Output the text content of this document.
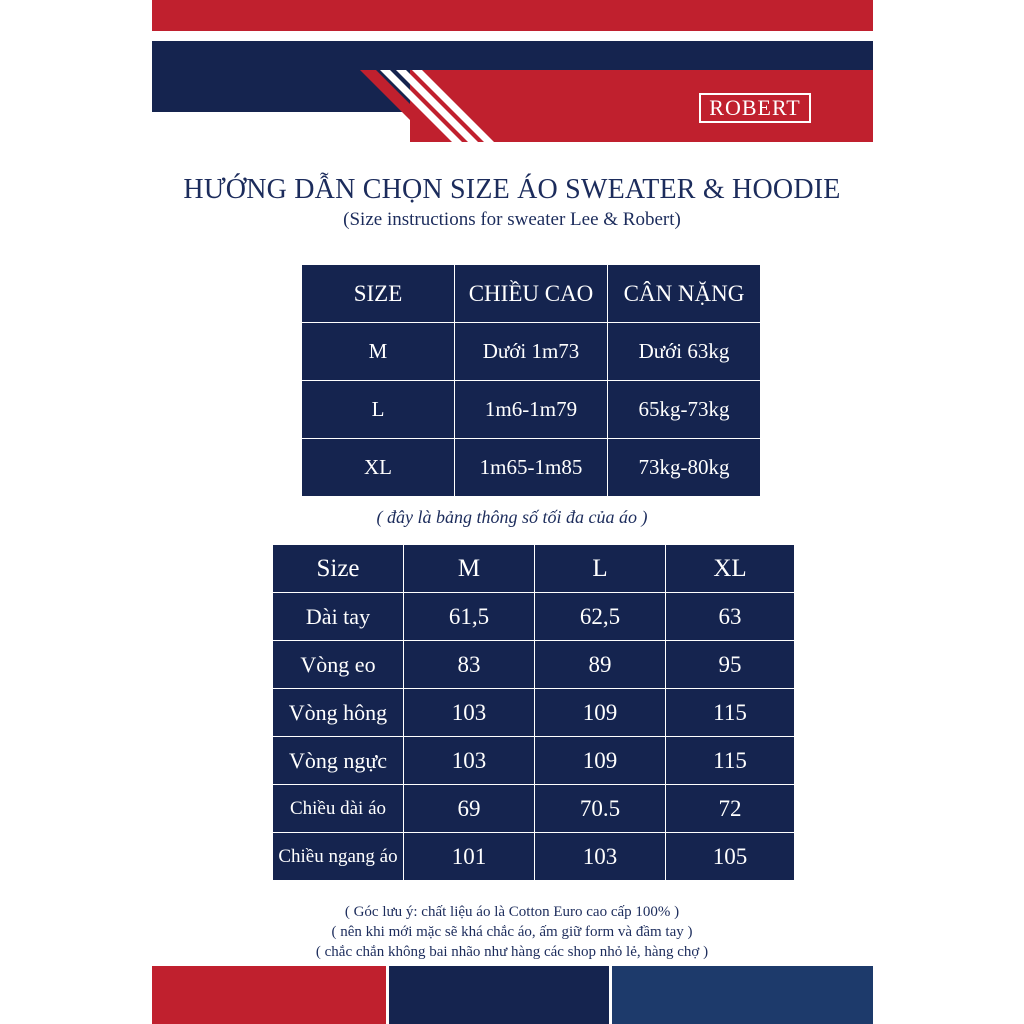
ROBERT
HƯỚNG DẪN CHỌN SIZE ÁO SWEATER & HOODIE
(Size instructions for sweater Lee & Robert)
SIZE	CHIỀU CAO	CÂN NẶNG
M	Dưới 1m73	Dưới 63kg
L	1m6-1m79	65kg-73kg
XL	1m65-1m85	73kg-80kg
( đây là bảng thông số tối đa của áo )
Size	M	L	XL
Dài tay	61,5	62,5	63
Vòng eo	83	89	95
Vòng hông	103	109	115
Vòng ngực	103	109	115
Chiều dài áo	69	70.5	72
Chiều ngang áo	101	103	105
( Góc lưu ý: chất liệu áo là Cotton Euro cao cấp 100% )
( nên khi mới mặc sẽ khá chắc áo, ấm giữ form và đầm tay )
( chắc chắn không bai nhão như hàng các shop nhỏ lẻ, hàng chợ )
